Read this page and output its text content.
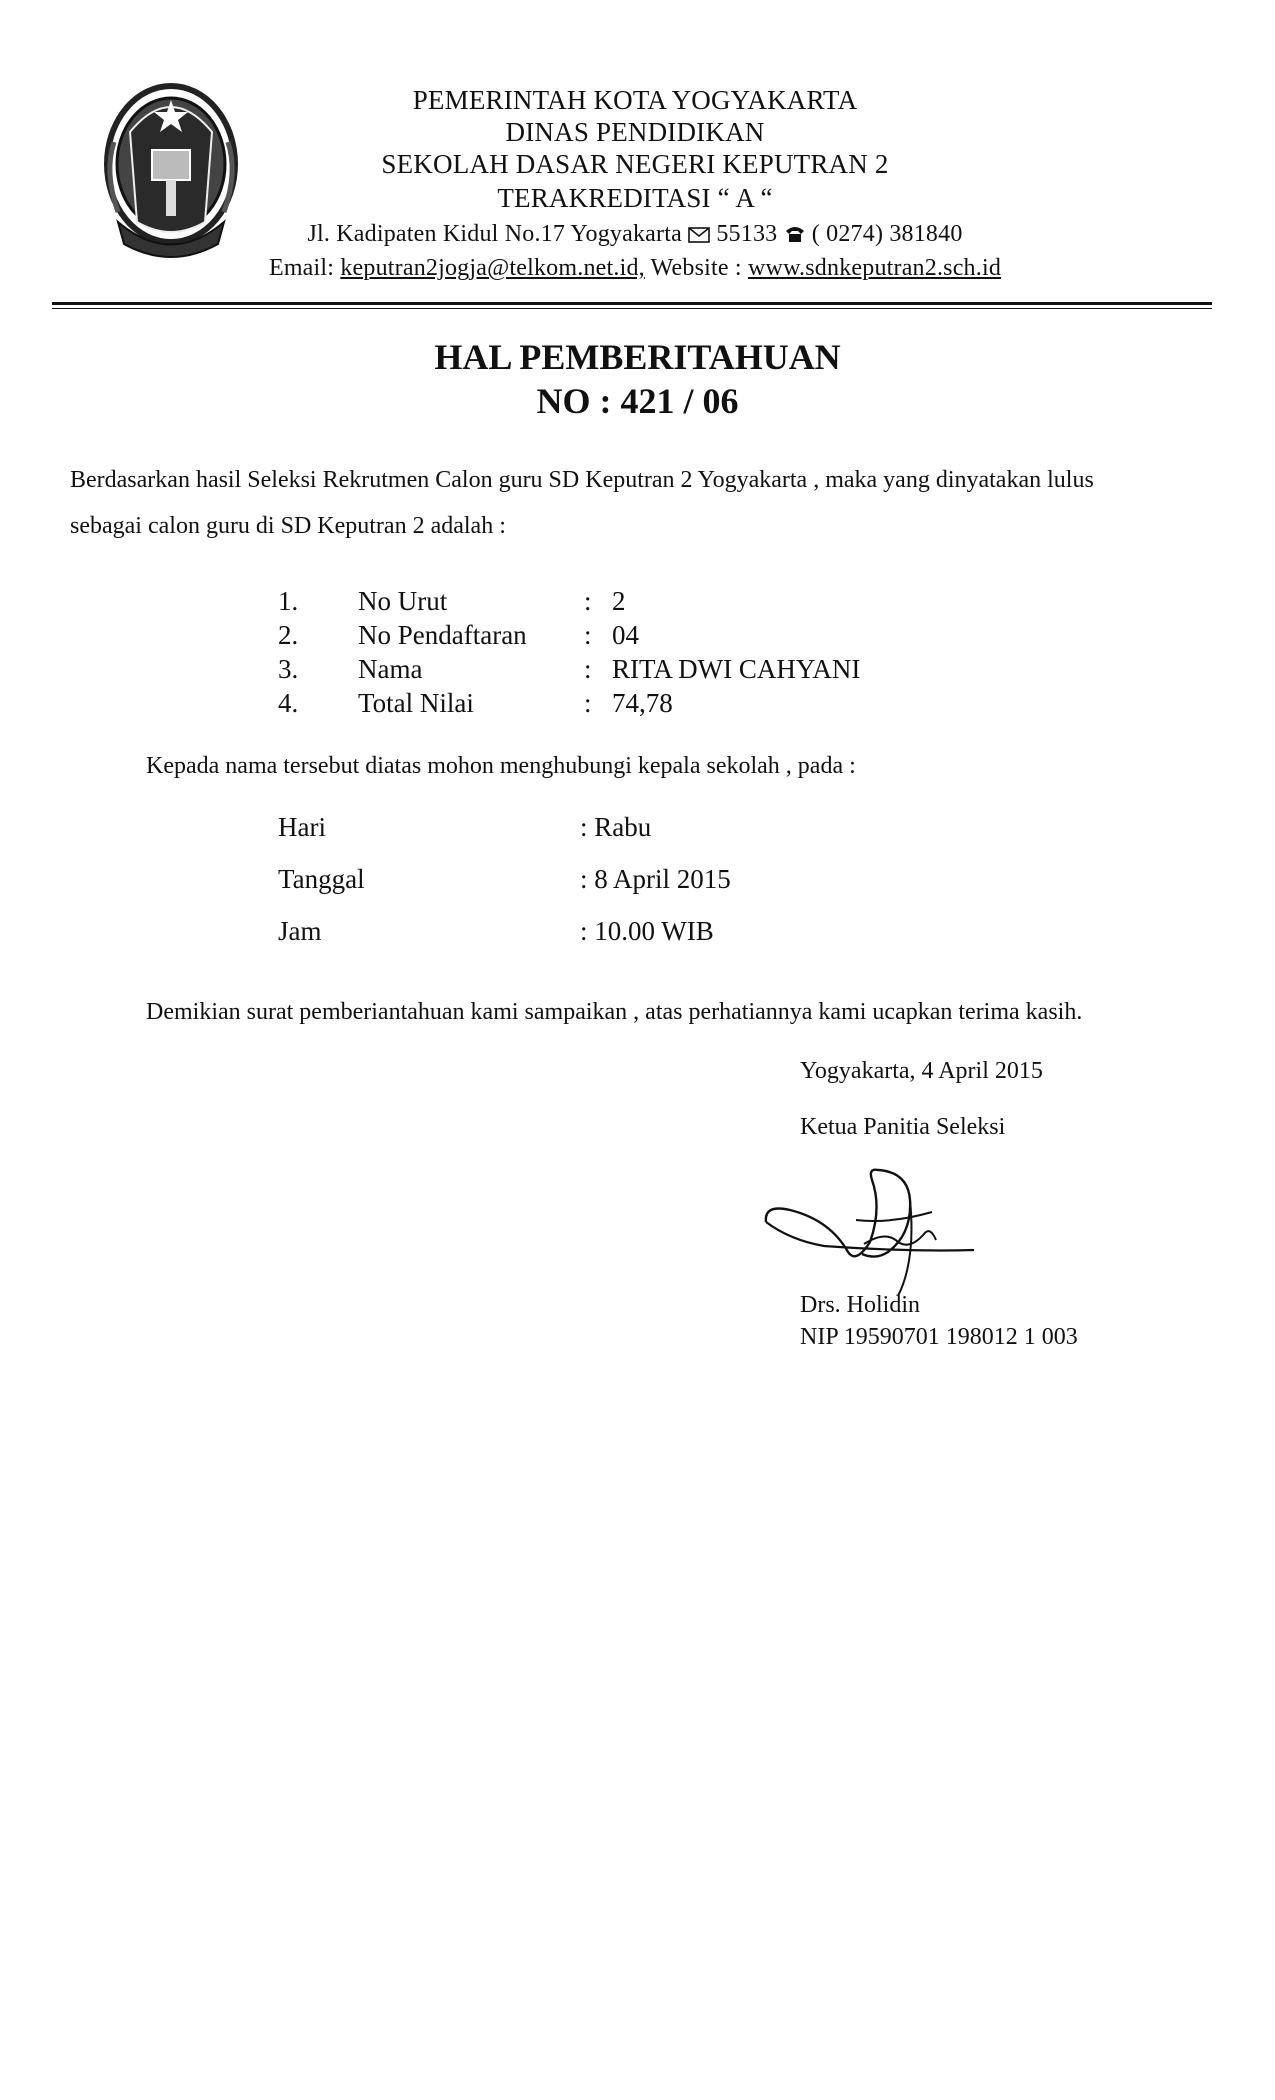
PEMERINTAH KOTA YOGYAKARTA
DINAS PENDIDIKAN
SEKOLAH DASAR NEGERI KEPUTRAN 2
TERAKREDITASI “ A “
Jl. Kadipaten Kidul No.17 Yogyakarta 55133 ( 0274) 381840
Email: keputran2jogja@telkom.net.id, Website : www.sdnkeputran2.sch.id
HAL PEMBERITAHUAN
NO : 421 / 06
Berdasarkan hasil Seleksi Rekrutmen Calon guru SD Keputran 2 Yogyakarta , maka yang dinyatakan lulus
sebagai calon guru di SD Keputran 2 adalah :
1. No Urut	: 2
2. No Pendaftaran : 04
3. Nama	: RITA DWI CAHYANI
4. Total Nilai	: 74,78
Kepada nama tersebut diatas mohon menghubungi kepala sekolah , pada :
Hari	: Rabu
Tanggal	: 8 April 2015
Jam	: 10.00 WIB
Demikian surat pemberiantahuan kami sampaikan , atas perhatiannya kami ucapkan terima kasih.
Yogyakarta, 4 April 2015
Ketua Panitia Seleksi
Drs. Holidin
NIP 19590701 198012 1 003
